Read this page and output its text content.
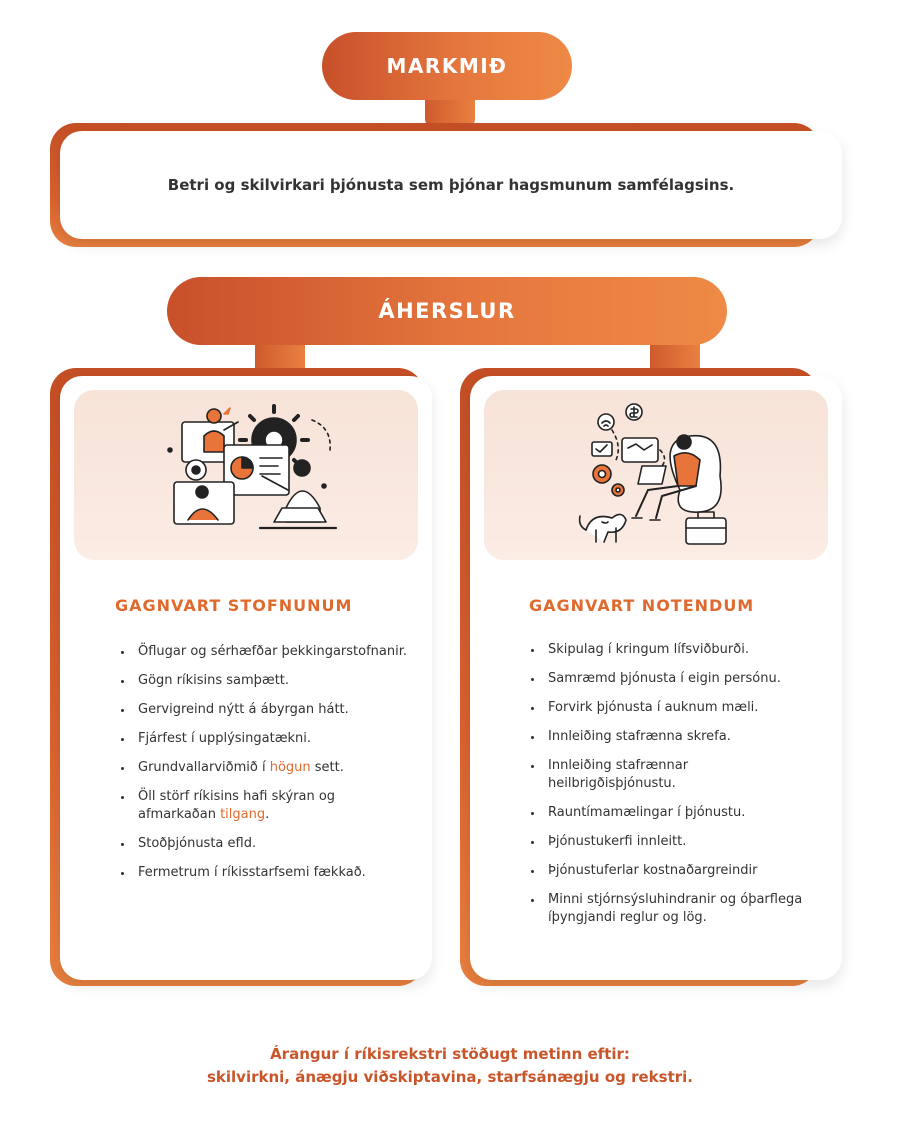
MARKMIÐ
Betri og skilvirkari þjónusta sem þjónar hagsmunum samfélagsins.
ÁHERSLUR
GAGNVART STOFNUNUM
• Öflugar og sérhæfðar þekkingarstofnanir.
• Gögn ríkisins samþætt.
• Gervigreind nýtt á ábyrgan hátt.
• Fjárfest í upplýsingatækni.
• Grundvallarviðmið í högun sett.
• Öll störf ríkisins hafi skýran og afmarkaðan tilgang.
• Stoðþjónusta efld.
• Fermetrum í ríkisstarfsemi fækkað.
GAGNVART NOTENDUM
• Skipulag í kringum lífsviðburði.
• Samræmd þjónusta í eigin persónu.
• Forvirk þjónusta í auknum mæli.
• Innleiðing stafrænna skrefa.
• Innleiðing stafrænnar heilbrigðisþjónustu.
• Rauntímamælingar í þjónustu.
• Þjónustukerfi innleitt.
• Þjónustuferlar kostnaðargreindir
• Minni stjórnsýsluhindranir og óþarflega íþyngjandi reglur og lög.
Árangur í ríkisrekstri stöðugt metinn eftir:
skilvirkni, ánægju viðskiptavina, starfsánægju og rekstri.
